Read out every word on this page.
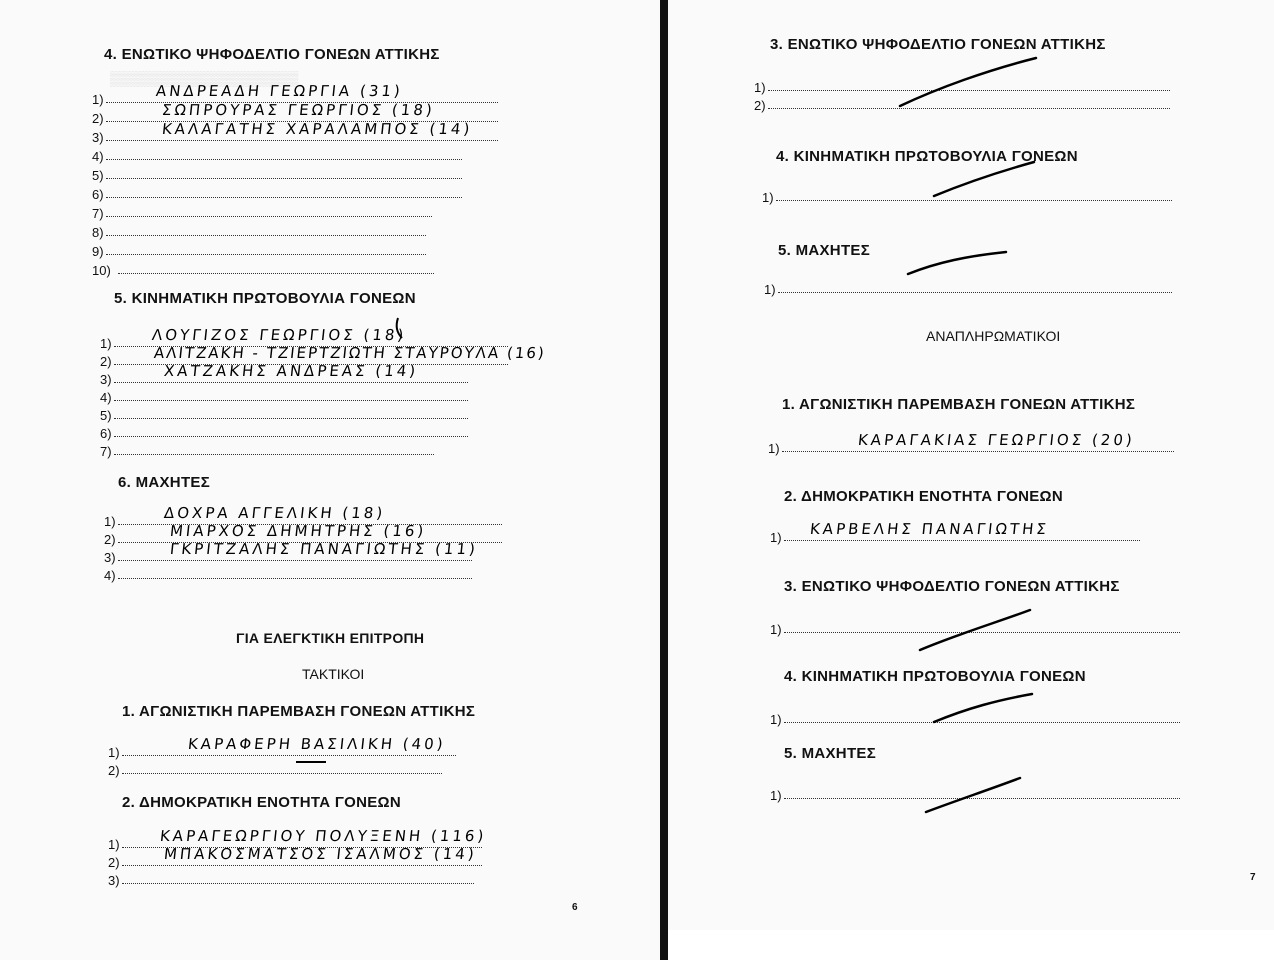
▒▒▒▒▒▒▒▒▒▒▒▒▒▒▒▒▒▒▒
4. ΕΝΩΤΙΚΟ ΨΗΦΟΔΕΛΤΙΟ ΓΟΝΕΩΝ ΑΤΤΙΚΗΣ
1)	ΑΝΔΡΕΑΔΗ ΓΕΩΡΓΙΑ (31)
2)	ΣΩΠΡΟΥΡΑΣ ΓΕΩΡΓΙΟΣ (18)
3)	ΚΑΛΑΓΑΤΗΣ ΧΑΡΑΛΑΜΠΟΣ (14)
4)
5)
6)
7)
8)
9)
10)
5. ΚΙΝΗΜΑΤΙΚΗ ΠΡΩΤΟΒΟΥΛΙΑ ΓΟΝΕΩΝ
1)	ΛΟΥΓΙΖΟΣ ΓΕΩΡΓΙΟΣ (18)
2)	ΑΛΙΤΖΑΚΗ - ΤΖΙΕΡΤΖΙΩΤΗ ΣΤΑΥΡΟΥΛΑ (16)
3)	ΧΑΤΖΑΚΗΣ ΑΝΔΡΕΑΣ (14)
4)
5)
6)
7)
6. ΜΑΧΗΤΕΣ
1)	ΔΟΧΡΑ ΑΓΓΕΛΙΚΗ (18)
2)	ΜΙΑΡΧΟΣ ΔΗΜΗΤΡΗΣ (16)
3)	ΓΚΡΙΤΖΑΛΗΣ ΠΑΝΑΓΙΩΤΗΣ (11)
4)
ΓΙΑ ΕΛΕΓΚΤΙΚΗ ΕΠΙΤΡΟΠΗ
ΤΑΚΤΙΚΟΙ
1. ΑΓΩΝΙΣΤΙΚΗ ΠΑΡΕΜΒΑΣΗ ΓΟΝΕΩΝ ΑΤΤΙΚΗΣ
1)	ΚΑΡΑΦΕΡΗ ΒΑΣΙΛΙΚΗ (40)
2)
2. ΔΗΜΟΚΡΑΤΙΚΗ ΕΝΟΤΗΤΑ ΓΟΝΕΩΝ
1)	ΚΑΡΑΓΕΩΡΓΙΟΥ ΠΟΛΥΞΕΝΗ (116)
2)	ΜΠΑΚΟΣΜΑΤΣΟΣ ΙΣΑΛΜΟΣ (14)
3)
6
3. ΕΝΩΤΙΚΟ ΨΗΦΟΔΕΛΤΙΟ ΓΟΝΕΩΝ ΑΤΤΙΚΗΣ
1)
2)
4. ΚΙΝΗΜΑΤΙΚΗ ΠΡΩΤΟΒΟΥΛΙΑ ΓΟΝΕΩΝ
1)
5. ΜΑΧΗΤΕΣ
1)
ΑΝΑΠΛΗΡΩΜΑΤΙΚΟΙ
1. ΑΓΩΝΙΣΤΙΚΗ ΠΑΡΕΜΒΑΣΗ ΓΟΝΕΩΝ ΑΤΤΙΚΗΣ
1)	ΚΑΡΑΓΑΚΙΑΣ ΓΕΩΡΓΙΟΣ (20)
2. ΔΗΜΟΚΡΑΤΙΚΗ ΕΝΟΤΗΤΑ ΓΟΝΕΩΝ
1) ΚΑΡΒΕΛΗΣ ΠΑΝΑΓΙΩΤΗΣ
3. ΕΝΩΤΙΚΟ ΨΗΦΟΔΕΛΤΙΟ ΓΟΝΕΩΝ ΑΤΤΙΚΗΣ
1)
4. ΚΙΝΗΜΑΤΙΚΗ ΠΡΩΤΟΒΟΥΛΙΑ ΓΟΝΕΩΝ
1)
5. ΜΑΧΗΤΕΣ
1)
7
